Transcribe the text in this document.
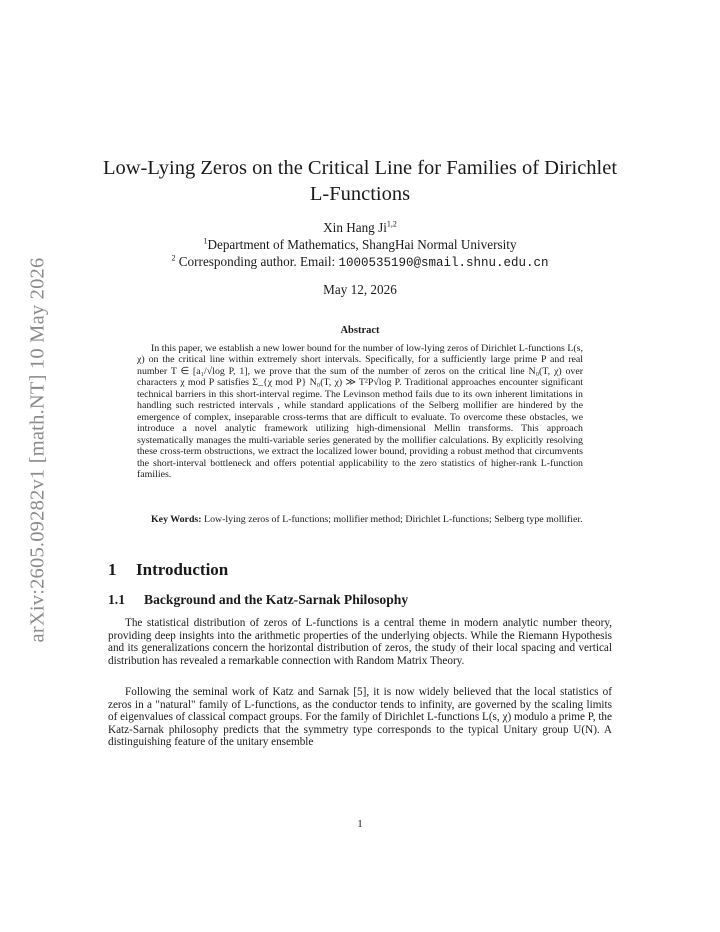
arXiv:2605.09282v1 [math.NT] 10 May 2026
Low-Lying Zeros on the Critical Line for Families of Dirichlet
L-Functions
Xin Hang Ji$^{1,2}$
$^1$Department of Mathematics, ShangHai Normal University
$^2$ Corresponding author. Email: 1000535190@smail.shnu.edu.cn
May 12, 2026
Abstract
In this paper, we establish a new lower bound for the number of low-lying zeros of Dirichlet L-functions L(s, χ) on the critical line within extremely short intervals. Specifically, for a sufficiently large prime P and real number T ∈ [a₁/√log P, 1], we prove that the sum of the number of zeros on the critical line N₀(T, χ) over characters χ mod P satisfies Σ_{χ mod P} N₀(T, χ) ≫ T²P√log P. Traditional approaches encounter significant technical barriers in this short-interval regime. The Levinson method fails due to its own inherent limitations in handling such restricted intervals , while standard applications of the Selberg mollifier are hindered by the emergence of complex, inseparable cross-terms that are difficult to evaluate. To overcome these obstacles, we introduce a novel analytic framework utilizing high-dimensional Mellin transforms. This approach systematically manages the multi-variable series generated by the mollifier calculations. By explicitly resolving these cross-term obstructions, we extract the localized lower bound, providing a robust method that circumvents the short-interval bottleneck and offers potential applicability to the zero statistics of higher-rank L-function families.
Key Words: Low-lying zeros of L-functions; mollifier method; Dirichlet L-functions; Selberg type mollifier.
1 Introduction
1.1 Background and the Katz-Sarnak Philosophy
The statistical distribution of zeros of L-functions is a central theme in modern analytic number theory, providing deep insights into the arithmetic properties of the underlying objects. While the Riemann Hypothesis and its generalizations concern the horizontal distribution of zeros, the study of their local spacing and vertical distribution has revealed a remarkable connection with Random Matrix Theory.
Following the seminal work of Katz and Sarnak [5], it is now widely believed that the local statistics of zeros in a "natural" family of L-functions, as the conductor tends to infinity, are governed by the scaling limits of eigenvalues of classical compact groups. For the family of Dirichlet L-functions L(s, χ) modulo a prime P, the Katz-Sarnak philosophy predicts that the symmetry type corresponds to the typical Unitary group U(N). A distinguishing feature of the unitary ensemble
1
